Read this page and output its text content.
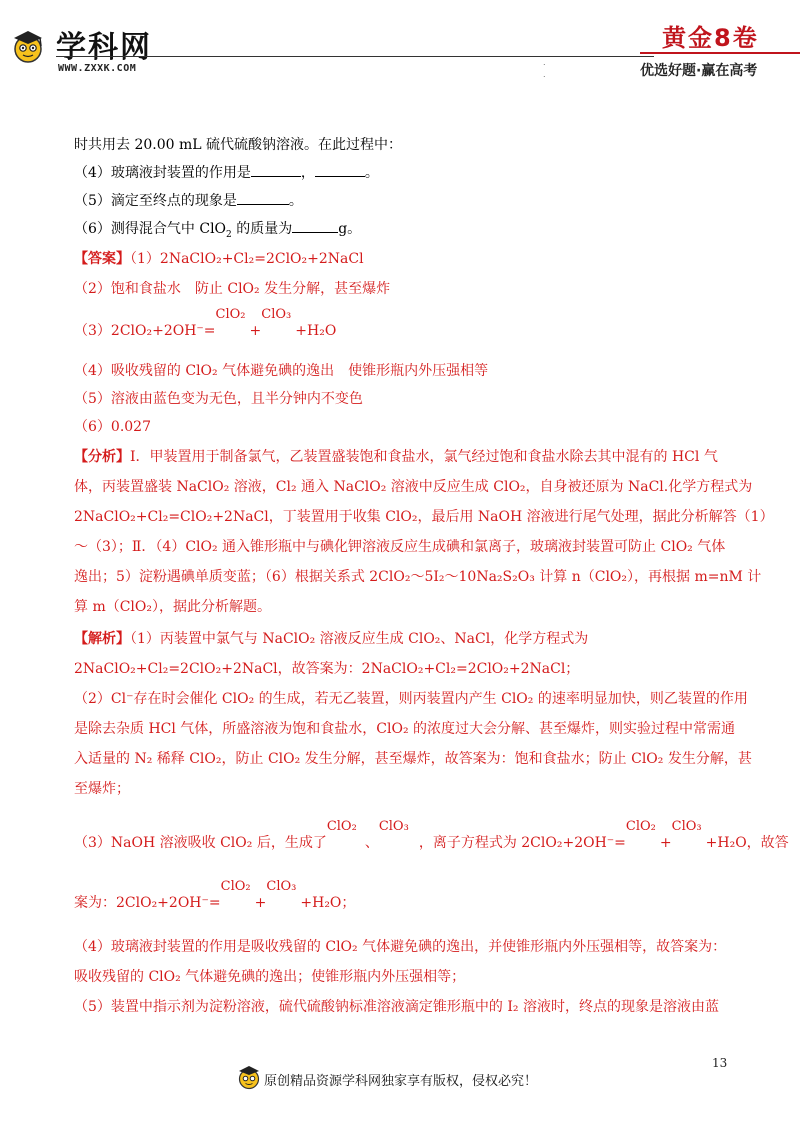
学科网
WWW.ZXXK.COM
黄金8卷
优选好题·赢在高考
.
.
时共用去 20.00 mL 硫代硫酸钠溶液。在此过程中：
（4）玻璃液封装置的作用是	，	。
（5）滴定至终点的现象是	。
（6）测得混合气中 ClO$_2$ 的质量为	g。
【答案】（1）2NaClO₂+Cl₂=2ClO₂+2NaCl
（2）饱和食盐水　防止 ClO₂ 发生分解，甚至爆炸
（3）2ClO₂+2OH⁻=
ClO₂
+
ClO₃
+H₂O
（4）吸收残留的 ClO₂ 气体避免碘的逸出　使锥形瓶内外压强相等
（5）溶液由蓝色变为无色，且半分钟内不变色
（6）0.027
【分析】Ⅰ．甲装置用于制备氯气，乙装置盛装饱和食盐水，氯气经过饱和食盐水除去其中混有的 HCl 气
体，丙装置盛装 NaClO₂ 溶液，Cl₂ 通入 NaClO₂ 溶液中反应生成 ClO₂，自身被还原为 NaCl.化学方程式为
2NaClO₂+Cl₂=ClO₂+2NaCl，丁装置用于收集 ClO₂，最后用 NaOH 溶液进行尾气处理，据此分析解答（1）
～（3）；Ⅱ．（4）ClO₂ 通入锥形瓶中与碘化钾溶液反应生成碘和氯离子，玻璃液封装置可防止 ClO₂ 气体
逸出；5）淀粉遇碘单质变蓝；（6）根据关系式 2ClO₂～5I₂～10Na₂S₂O₃ 计算 n（ClO₂），再根据 m=nM 计
算 m（ClO₂），据此分析解题。
【解析】（1）丙装置中氯气与 NaClO₂ 溶液反应生成 ClO₂、NaCl，化学方程式为
2NaClO₂+Cl₂=2ClO₂+2NaCl，故答案为：2NaClO₂+Cl₂=2ClO₂+2NaCl；
（2）Cl⁻存在时会催化 ClO₂ 的生成，若无乙装置，则丙装置内产生 ClO₂ 的速率明显加快，则乙装置的作用
是除去杂质 HCl 气体，所盛溶液为饱和食盐水，ClO₂ 的浓度过大会分解、甚至爆炸，则实验过程中常需通
入适量的 N₂ 稀释 ClO₂，防止 ClO₂ 发生分解，甚至爆炸，故答案为：饱和食盐水；防止 ClO₂ 发生分解，甚
至爆炸；
（3）NaOH 溶液吸收 ClO₂ 后，生成了
ClO₂
、
ClO₃
，离子方程式为 2ClO₂+2OH⁻=
ClO₂
+
ClO₃
+H₂O，故答
案为：2ClO₂+2OH⁻=
ClO₂
+
ClO₃
+H₂O；
（4）玻璃液封装置的作用是吸收残留的 ClO₂ 气体避免碘的逸出，并使锥形瓶内外压强相等，故答案为：
吸收残留的 ClO₂ 气体避免碘的逸出；使锥形瓶内外压强相等；
（5）装置中指示剂为淀粉溶液，硫代硫酸钠标准溶液滴定锥形瓶中的 I₂ 溶液时，终点的现象是溶液由蓝
13
原创精品资源学科网独家享有版权，侵权必究！
